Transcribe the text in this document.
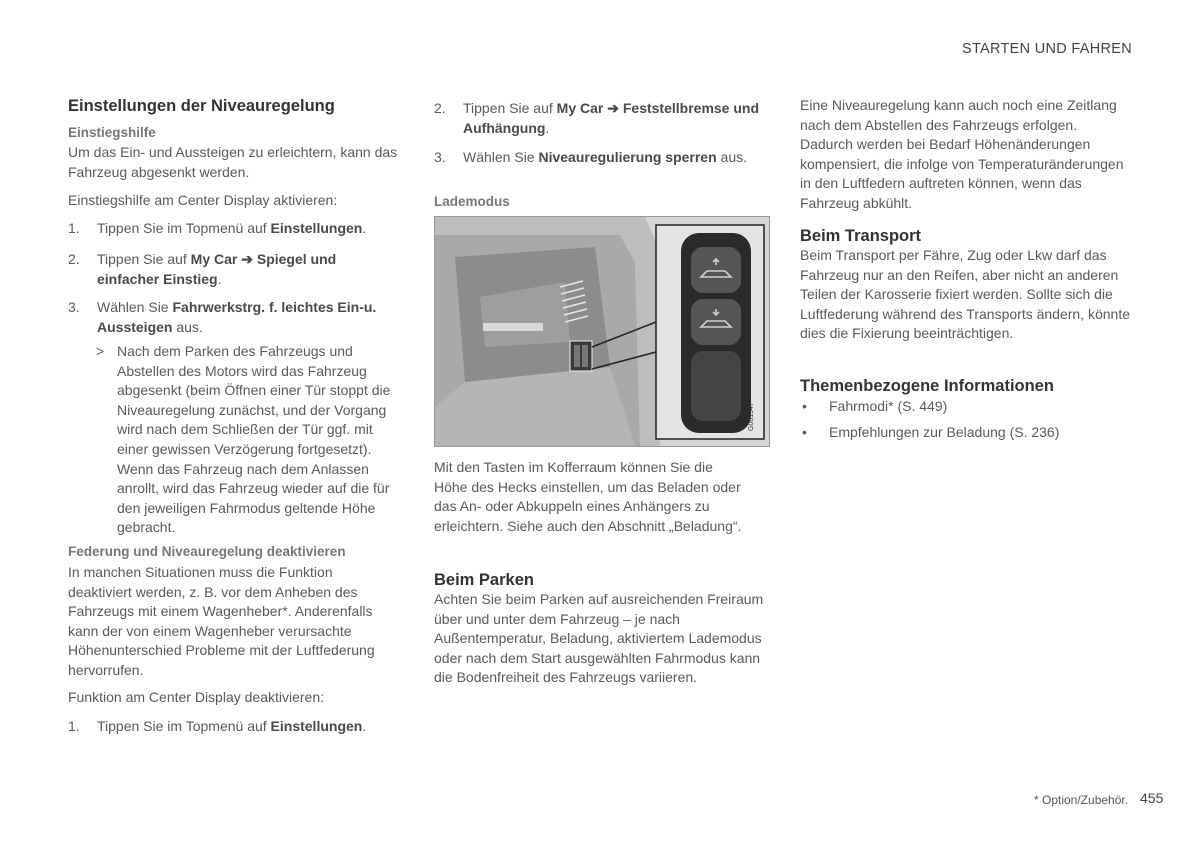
STARTEN UND FAHREN
Einstellungen der Niveauregelung
Einstiegshilfe

Um das Ein- und Aussteigen zu erleichtern, kann das Fahrzeug abgesenkt werden.

Einstiegshilfe am Center Display aktivieren:

1. Tippen Sie im Topmenü auf Einstellungen.

2. Tippen Sie auf My Car ➔ Spiegel und einfacher Einstieg.

3. Wählen Sie Fahrwerkstrg. f. leichtes Ein-u. Aussteigen aus.

> Nach dem Parken des Fahrzeugs und Abstellen des Motors wird das Fahrzeug abgesenkt (beim Öffnen einer Tür stoppt die Niveauregelung zunächst, und der Vorgang wird nach dem Schließen der Tür ggf. mit einer gewissen Verzögerung fortgesetzt). Wenn das Fahrzeug nach dem Anlassen anrollt, wird das Fahrzeug wieder auf die für den jeweiligen Fahrmodus geltende Höhe gebracht.

Federung und Niveauregelung deaktivieren

In manchen Situationen muss die Funktion deaktiviert werden, z. B. vor dem Anheben des Fahrzeugs mit einem Wagenheber*. Anderenfalls kann der von einem Wagenheber verursachte Höhenunterschied Probleme mit der Luftfederung hervorrufen.

Funktion am Center Display deaktivieren:

1. Tippen Sie im Topmenü auf Einstellungen.

2. Tippen Sie auf My Car ➔ Feststellbremse und Aufhängung.

3. Wählen Sie Niveauregulierung sperren aus.

Lademodus

Mit den Tasten im Kofferraum können Sie die Höhe des Hecks einstellen, um das Beladen oder das An- oder Abkuppeln eines Anhängers zu erleichtern. Siehe auch den Abschnitt „Beladung“.

Beim Parken

Achten Sie beim Parken auf ausreichenden Freiraum über und unter dem Fahrzeug – je nach Außentemperatur, Beladung, aktiviertem Lademodus oder nach dem Start ausgewählten Fahrmodus kann die Bodenfreiheit des Fahrzeugs variieren.

G061947

Eine Niveauregelung kann auch noch eine Zeitlang nach dem Abstellen des Fahrzeugs erfolgen. Dadurch werden bei Bedarf Höhenänderungen kompensiert, die infolge von Temperaturänderungen in den Luftfedern auftreten können, wenn das Fahrzeug abkühlt.

Beim Transport

Beim Transport per Fähre, Zug oder Lkw darf das Fahrzeug nur an den Reifen, aber nicht an anderen Teilen der Karosserie fixiert werden. Sollte sich die Luftfederung während des Transports ändern, könnte dies die Fixierung beeinträchtigen.

Themenbezogene Informationen

• Fahrmodi* (S. 449)

• Empfehlungen zur Beladung (S. 236)

* Option/Zubehör. 455
